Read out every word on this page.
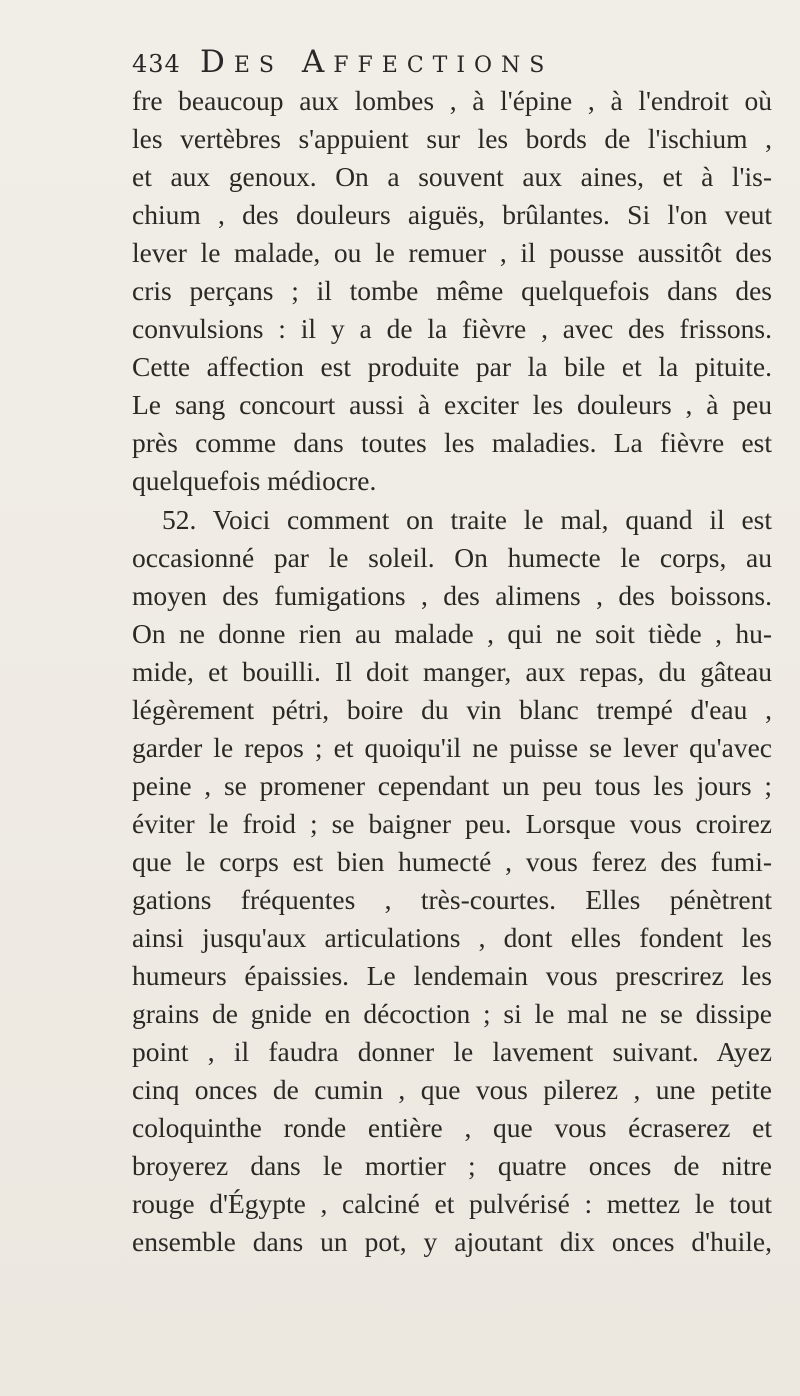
434 Des Affections
fre beaucoup aux lombes , à l'épine , à l'endroit où
les vertèbres s'appuient sur les bords de l'ischium ,
et aux genoux. On a souvent aux aines, et à l'is-
chium , des douleurs aiguës, brûlantes. Si l'on veut
lever le malade, ou le remuer , il pousse aussitôt des
cris perçans ; il tombe même quelquefois dans des
convulsions : il y a de la fièvre , avec des frissons.
Cette affection est produite par la bile et la pituite.
Le sang concourt aussi à exciter les douleurs , à peu
près comme dans toutes les maladies. La fièvre est
quelquefois médiocre.
52. Voici comment on traite le mal, quand il est
occasionné par le soleil. On humecte le corps, au
moyen des fumigations , des alimens , des boissons.
On ne donne rien au malade , qui ne soit tiède , hu-
mide, et bouilli. Il doit manger, aux repas, du gâteau
légèrement pétri, boire du vin blanc trempé d'eau ,
garder le repos ; et quoiqu'il ne puisse se lever qu'avec
peine , se promener cependant un peu tous les jours ;
éviter le froid ; se baigner peu. Lorsque vous croirez
que le corps est bien humecté , vous ferez des fumi-
gations fréquentes , très-courtes. Elles pénètrent
ainsi jusqu'aux articulations , dont elles fondent les
humeurs épaissies. Le lendemain vous prescrirez les
grains de gnide en décoction ; si le mal ne se dissipe
point , il faudra donner le lavement suivant. Ayez
cinq onces de cumin , que vous pilerez , une petite
coloquinthe ronde entière , que vous écraserez et
broyerez dans le mortier ; quatre onces de nitre
rouge d'Égypte , calciné et pulvérisé : mettez le tout
ensemble dans un pot, y ajoutant dix onces d'huile,
